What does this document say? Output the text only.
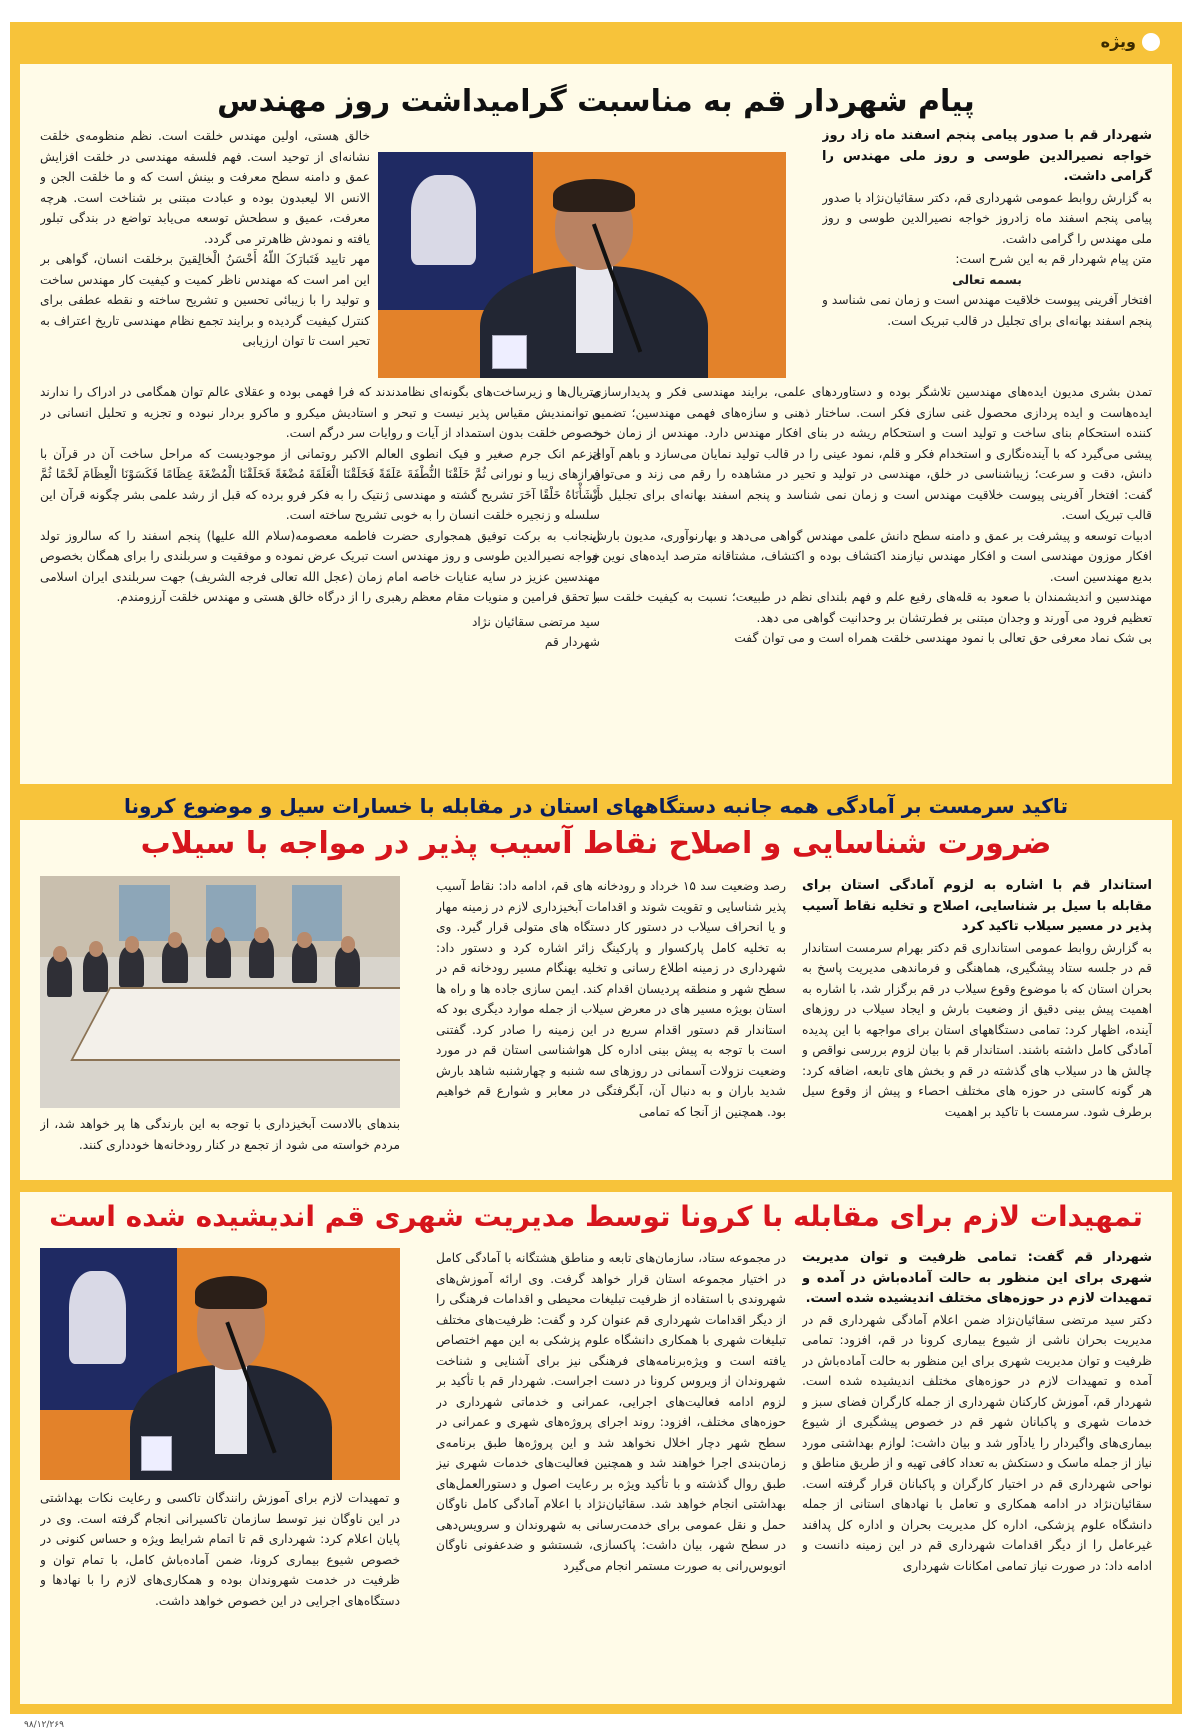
ویژه
پیام شهردار قم به مناسبت گرامیداشت روز مهندس
شهردار قم با صدور پیامی پنجم اسفند ماه زاد روز خواجه نصیرالدین طوسی و روز ملی مهندس را گرامی داشت.
به گزارش روابط عمومی شهرداری قم، دکتر سقائیان‌نژاد با صدور پیامی پنجم اسفند ماه زادروز خواجه نصیرالدین طوسی و روز ملی مهندس را گرامی داشت.
متن پیام شهردار قم به این شرح است:
بسمه تعالی
افتخار آفرینی پیوست خلاقیت مهندس است و زمان نمی شناسد و پنجم اسفند بهانه‌ای برای تجلیل در قالب تبریک است.
خالق هستی، اولین مهندس خلقت است. نظم منظومه‌ی خلقت نشانه‌ای از توحید است. فهم فلسفه مهندسی در خلقت افزایش عمق و دامنه سطح معرفت و بینش است که و ما خلقت الجن و الانس الا لیعبدون بوده و عبادت مبتنی بر شناخت است. هرچه معرفت، عمیق و سطحش توسعه می‌یابد تواضع در بندگی تبلور یافته و نمودش ظاهرتر می گردد.
مهر تایید فَتَبارَکَ اللّهُ أَحْسَنُ الْخالِقینَ برخلقت انسان، گواهی بر این امر است که مهندس ناظر کمیت و کیفیت کار مهندس ساخت و تولید را با زیبائی تحسین و تشریح ساخته و نقطه عطفی برای کنترل کیفیت گردیده و برایند تجمع نظام مهندسی تاریخ اعتراف به تحیر است تا توان ارزیابی
تمدن بشری مدیون ایده‌های مهندسین تلاشگر بوده و دستاوردهای علمی، برایند مهندسی فکر و پدیدارسازی ایده‌هاست و ایده پردازی محصول غنی سازی فکر است. ساختار ذهنی و سازه‌های فهمی مهندسین؛ تضمین کننده استحکام بنای ساخت و تولید است و استحکام ریشه در بنای افکار مهندس دارد. مهندس از زمان خود پیشی می‌گیرد که با آینده‌نگاری و استخدام فکر و قلم، نمود عینی را در قالب تولید نمایان می‌سازد و باهم آوای دانش، دقت و سرعت؛ زیباشناسی در خلق، مهندسی در تولید و تحیر در مشاهده را رقم می زند و می‌توان گفت: افتخار آفرینی پیوست خلاقیت مهندس است و زمان نمی شناسد و پنجم اسفند بهانه‌ای برای تجلیل در قالب تبریک است.
ادبیات توسعه و پیشرفت بر عمق و دامنه سطح دانش علمی مهندس گواهی می‌دهد و بهارنوآوری، مدیون بارش افکار موزون مهندسی است و افکار مهندس نیازمند اکتشاف بوده و اکتشاف، مشتاقانه مترصد ایده‌های نوین و بدیع مهندسین است.
مهندسین و اندیشمندان با صعود به قله‌های رفیع علم و فهم بلندای نظم در طبیعت؛ نسبت به کیفیت خلقت سر تعظیم فرود می آورند و وجدان مبتنی بر فطرتشان بر وحدانیت گواهی می دهد.
بی شک نماد معرفی حق تعالی با نمود مهندسی خلقت همراه است و می توان گفت
متریال‌ها و زیرساخت‌های بگونه‌ای نظامدندند که فرا فهمی بوده و عقلای عالم توان همگامی در ادراک را ندارند و توانمندیش مقیاس پذیر نیست و تبحر و استادیش میکرو و ماکرو بردار نبوده و تجزیه و تحلیل انسانی در خصوص خلقت بدون استمداد از آیات و روایات سر درگم است.
اتزعم انک جرم صغیر و فیک انطوی العالم الاکبر روتمانی از موجودیست که مراحل ساخت آن در قرآن با فرازهای زیبا و نورانی ثُمَّ خَلَقْنَا النُّطْفَةَ عَلَقَةً فَخَلَقْنَا الْعَلَقَةَ مُضْغَةً فَخَلَقْنَا الْمُضْغَةَ عِظَامًا فَكَسَوْنَا الْعِظَامَ لَحْمًا ثُمَّ أَنْشَأْنَاهُ خَلْقًا آخَرَ تشریح گشته و مهندسی ژنتیک را به فکر فرو برده که قبل از رشد علمی بشر چگونه قرآن این سلسله و زنجیره خلقت انسان را به خوبی تشریح ساخته است.
اینجانب به برکت توفیق همجواری حضرت فاطمه معصومه(سلام الله علیها) پنجم اسفند را که سالروز تولد خواجه نصیرالدین طوسی و روز مهندس است تبریک عرض نموده و موفقیت و سربلندی را برای همگان بخصوص مهندسین عزیز در سایه عنایات خاصه امام زمان (عجل الله تعالی فرجه الشریف) جهت سربلندی ایران اسلامی با تحقق فرامین و منویات مقام معظم رهبری را از درگاه خالق هستی و مهندس خلقت آرزومندم.
سید مرتضی سقائیان نژاد
شهردار قم
تاکید سرمست بر آمادگی همه جانبه دستگاههای استان در مقابله با خسارات سیل و موضوع کرونا
ضرورت شناسایی و اصلاح نقاط آسیب پذیر در مواجه با سیلاب
استاندار قم با اشاره به لزوم آمادگی استان برای مقابله با سیل بر شناسایی، اصلاح و تخلیه نقاط آسیب پذیر در مسیر سیلاب تاکید کرد
به گزارش روابط عمومی استانداری قم دکتر بهرام سرمست استاندار قم در جلسه ستاد پیشگیری، هماهنگی و فرماندهی مدیریت پاسخ به بحران استان که با موضوع وقوع سیلاب در قم برگزار شد، با اشاره به اهمیت پیش بینی دقیق از وضعیت بارش و ایجاد سیلاب در روزهای آینده، اظهار کرد: تمامی دستگاههای استان برای مواجهه با این پدیده آمادگی کامل داشته باشند. استاندار قم با بیان لزوم بررسی نواقص و چالش ها در سیلاب های گذشته در قم و بخش های تابعه، اضافه کرد: هر گونه کاستی در حوزه های مختلف احصاء و پیش از وقوع سیل برطرف شود. سرمست با تاکید بر اهمیت
رصد وضعیت سد ۱۵ خرداد و رودخانه های قم، ادامه داد: نقاط آسیب پذیر شناسایی و تقویت شوند و اقدامات آبخیزداری لازم در زمینه مهار و یا انحراف سیلاب در دستور کار دستگاه های متولی قرار گیرد. وی به تخلیه کامل پارکسوار و پارکینگ زائر اشاره کرد و دستور داد: شهرداری در زمینه اطلاع رسانی و تخلیه بهنگام مسیر رودخانه قم در سطح شهر و منطقه پردیسان اقدام کند. ایمن سازی جاده ها و راه ها استان بویژه مسیر های در معرض سیلاب از جمله موارد دیگری بود که استاندار قم دستور اقدام سریع در این زمینه را صادر کرد. گفتنی است با توجه به پیش بینی اداره کل هواشناسی استان قم در مورد وضعیت نزولات آسمانی در روزهای سه شنبه و چهارشنبه شاهد بارش شدید باران و به دنبال آن، آبگرفتگی در معابر و شوارع قم خواهیم بود. همچنین از آنجا که تمامی
بندهای بالادست آبخیزداری با توجه به این بارندگی ها پر خواهد شد، از مردم خواسته می شود از تجمع در کنار رودخانه‌ها خودداری کنند.
تمهیدات لازم برای مقابله با کرونا توسط مدیریت شهری قم اندیشیده شده است
شهردار قم گفت: تمامی ظرفیت و توان مدیریت شهری برای این منظور به حالت آماده‌باش در آمده و تمهیدات لازم در حوزه‌های مختلف اندیشیده شده است.
دکتر سید مرتضی سقائیان‌نژاد ضمن اعلام آمادگی شهرداری قم در مدیریت بحران ناشی از شیوع بیماری کرونا در قم، افزود: تمامی ظرفیت و توان مدیریت شهری برای این منظور به حالت آماده‌باش در آمده و تمهیدات لازم در حوزه‌های مختلف اندیشیده شده است. شهردار قم، آموزش کارکنان شهرداری از جمله کارگران فضای سبز و خدمات شهری و پاکبانان شهر قم در خصوص پیشگیری از شیوع بیماری‌های واگیردار را یادآور شد و بیان داشت: لوازم بهداشتی مورد نیاز از جمله ماسک و دستکش به تعداد کافی تهیه و از طریق مناطق و نواحی شهرداری قم در اختیار کارگران و پاکبانان قرار گرفته است. سقائیان‌نژاد در ادامه همکاری و تعامل با نهادهای استانی از جمله دانشگاه علوم پزشکی، اداره کل مدیریت بحران و اداره کل پدافند غیرعامل را از دیگر اقدامات شهرداری قم در این زمینه دانست و ادامه داد: در صورت نیاز تمامی امکانات شهرداری
در مجموعه ستاد، سازمان‌های تابعه و مناطق هشتگانه با آمادگی کامل در اختیار مجموعه استان قرار خواهد گرفت. وی ارائه آموزش‌های شهروندی با استفاده از ظرفیت تبلیغات محیطی و اقدامات فرهنگی را از دیگر اقدامات شهرداری قم عنوان کرد و گفت: ظرفیت‌های مختلف تبلیغات شهری با همکاری دانشگاه علوم پزشکی به این مهم اختصاص یافته است و ویژه‌برنامه‌های فرهنگی نیز برای آشنایی و شناخت شهروندان از ویروس کرونا در دست اجراست. شهردار قم با تأکید بر لزوم ادامه فعالیت‌های اجرایی، عمرانی و خدماتی شهرداری در حوزه‌های مختلف، افزود: روند اجرای پروژه‌های شهری و عمرانی در سطح شهر دچار اخلال نخواهد شد و این پروژه‌ها طبق برنامه‌ی زمان‌بندی اجرا خواهند شد و همچنین فعالیت‌های خدمات شهری نیز طبق روال گذشته و با تأکید ویژه بر رعایت اصول و دستورالعمل‌های بهداشتی انجام خواهد شد. سقائیان‌نژاد با اعلام آمادگی کامل ناوگان حمل و نقل عمومی برای خدمت‌رسانی به شهروندان و سرویس‌دهی در سطح شهر، بیان داشت: پاکسازی، شستشو و ضدعفونی ناوگان اتوبوس‌رانی به صورت مستمر انجام می‌گیرد
و تمهیدات لازم برای آموزش رانندگان تاکسی و رعایت نکات بهداشتی در این ناوگان نیز توسط سازمان تاکسیرانی انجام گرفته است. وی در پایان اعلام کرد: شهرداری قم تا اتمام شرایط ویژه و حساس کنونی در خصوص شیوع بیماری کرونا، ضمن آماده‌باش کامل، با تمام توان و ظرفیت در خدمت شهروندان بوده و همکاری‌های لازم را با نهادها و دستگاه‌های اجرایی در این خصوص خواهد داشت.
۹۸/۱۲/۲۶۹
